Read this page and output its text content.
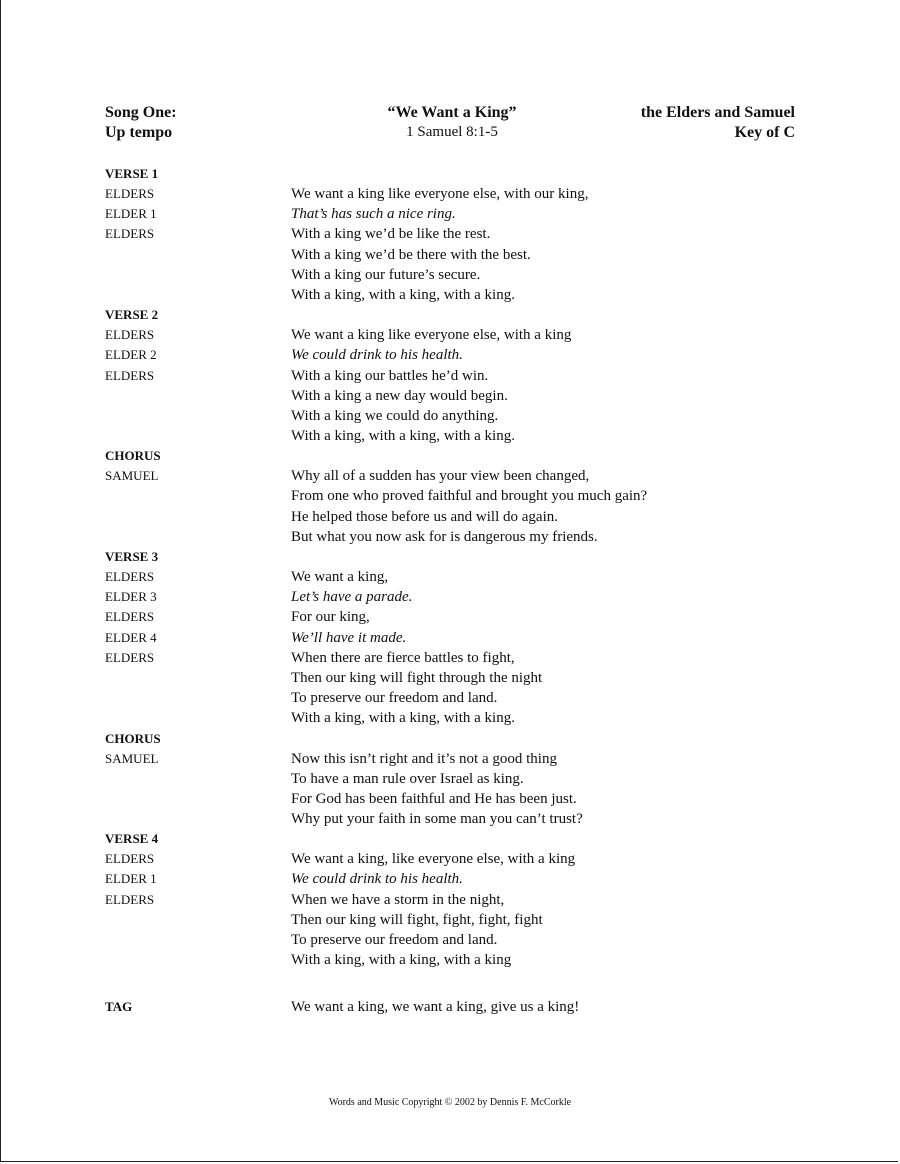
Song One:
Up tempo
“We Want a King”
1 Samuel 8:1-5
the Elders and Samuel
Key of C
VERSE 1
ELDERS	We want a king like everyone else, with our king,
ELDER 1	That’s has such a nice ring.
ELDERS	With a king we’d be like the rest.
With a king we’d be there with the best.
With a king our future’s secure.
With a king, with a king, with a king.
VERSE 2
ELDERS	We want a king like everyone else, with a king
ELDER 2	We could drink to his health.
ELDERS	With a king our battles he’d win.
With a king a new day would begin.
With a king we could do anything.
With a king, with a king, with a king.
CHORUS
SAMUEL	Why all of a sudden has your view been changed,
From one who proved faithful and brought you much gain?
He helped those before us and will do again.
But what you now ask for is dangerous my friends.
VERSE 3
ELDERS	We want a king,
ELDER 3	Let’s have a parade.
ELDERS	For our king,
ELDER 4	We’ll have it made.
ELDERS	When there are fierce battles to fight,
Then our king will fight through the night
To preserve our freedom and land.
With a king, with a king, with a king.
CHORUS
SAMUEL	Now this isn’t right and it’s not a good thing
To have a man rule over Israel as king.
For God has been faithful and He has been just.
Why put your faith in some man you can’t trust?
VERSE 4
ELDERS	We want a king, like everyone else, with a king
ELDER 1	We could drink to his health.
ELDERS	When we have a storm in the night,
Then our king will fight, fight, fight, fight
To preserve our freedom and land.
With a king, with a king, with a king
TAG	We want a king, we want a king, give us a king!
Words and Music Copyright © 2002 by Dennis F. McCorkle
